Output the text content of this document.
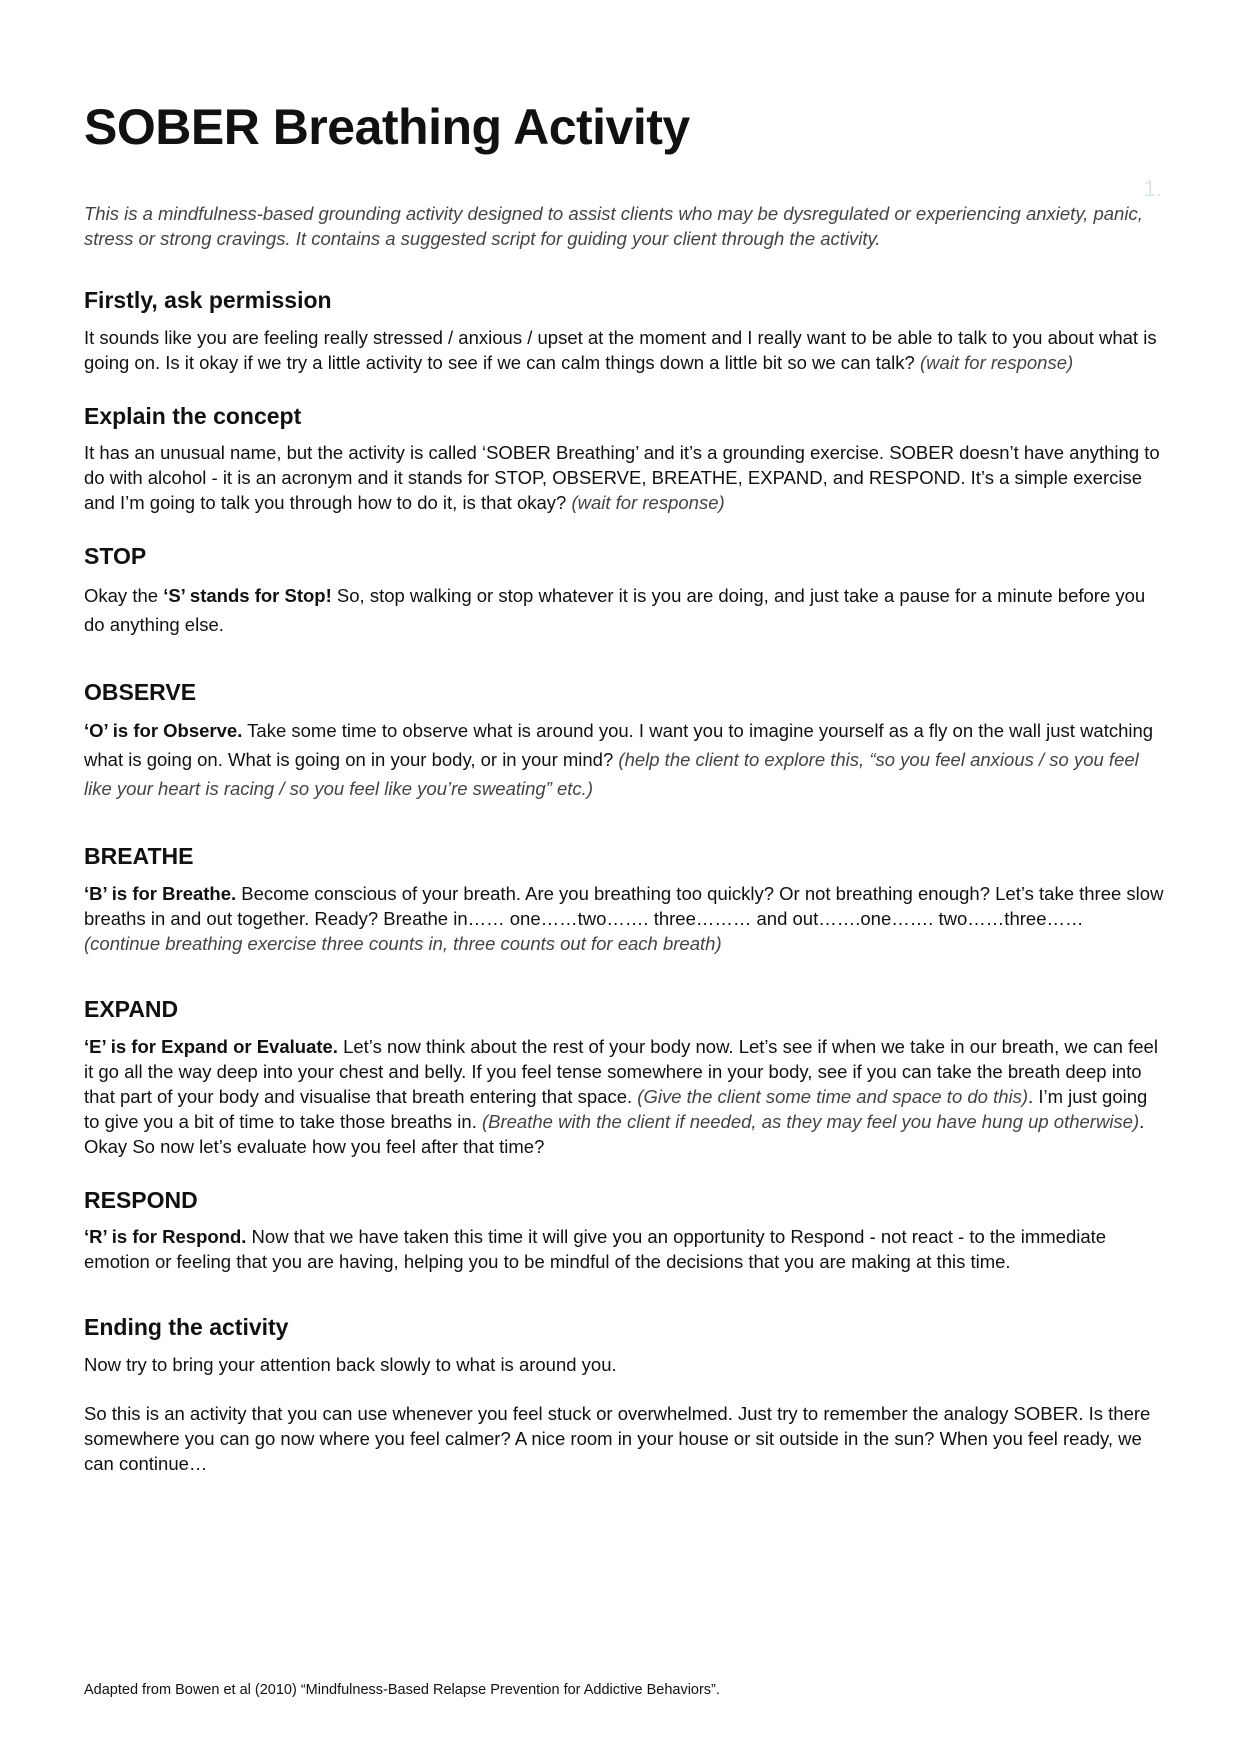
1.
SOBER Breathing Activity

This is a mindfulness-based grounding activity designed to assist clients who may be dysregulated or experiencing anxiety, panic, stress or strong cravings. It contains a suggested script for guiding your client through the activity.

Firstly, ask permission

It sounds like you are feeling really stressed / anxious / upset at the moment and I really want to be able to talk to you about what is going on. Is it okay if we try a little activity to see if we can calm things down a little bit so we can talk? (wait for response)

Explain the concept

It has an unusual name, but the activity is called ‘SOBER Breathing’ and it’s a grounding exercise. SOBER doesn’t have anything to do with alcohol - it is an acronym and it stands for STOP, OBSERVE, BREATHE, EXPAND, and RESPOND. It’s a simple exercise and I’m going to talk you through how to do it, is that okay? (wait for response)

STOP

Okay the ‘S’ stands for Stop! So, stop walking or stop whatever it is you are doing, and just take a pause for a minute before you do anything else.

OBSERVE

‘O’ is for Observe. Take some time to observe what is around you. I want you to imagine yourself as a fly on the wall just watching what is going on. What is going on in your body, or in your mind? (help the client to explore this, “so you feel anxious / so you feel like your heart is racing / so you feel like you’re sweating” etc.)

BREATHE

‘B’ is for Breathe. Become conscious of your breath. Are you breathing too quickly? Or not breathing enough? Let’s take three slow breaths in and out together. Ready? Breathe in…… one……two……. three……… and out…….one……. two……three…… (continue breathing exercise three counts in, three counts out for each breath)

EXPAND

‘E’ is for Expand or Evaluate. Let’s now think about the rest of your body now. Let’s see if when we take in our breath, we can feel it go all the way deep into your chest and belly. If you feel tense somewhere in your body, see if you can take the breath deep into that part of your body and visualise that breath entering that space. (Give the client some time and space to do this). I’m just going to give you a bit of time to take those breaths in. (Breathe with the client if needed, as they may feel you have hung up otherwise). Okay So now let’s evaluate how you feel after that time?

RESPOND

‘R’ is for Respond. Now that we have taken this time it will give you an opportunity to Respond - not react - to the immediate emotion or feeling that you are having, helping you to be mindful of the decisions that you are making at this time.

Ending the activity

Now try to bring your attention back slowly to what is around you.

So this is an activity that you can use whenever you feel stuck or overwhelmed. Just try to remember the analogy SOBER. Is there somewhere you can go now where you feel calmer? A nice room in your house or sit outside in the sun? When you feel ready, we can continue…

Adapted from Bowen et al (2010) “Mindfulness-Based Relapse Prevention for Addictive Behaviors”.
